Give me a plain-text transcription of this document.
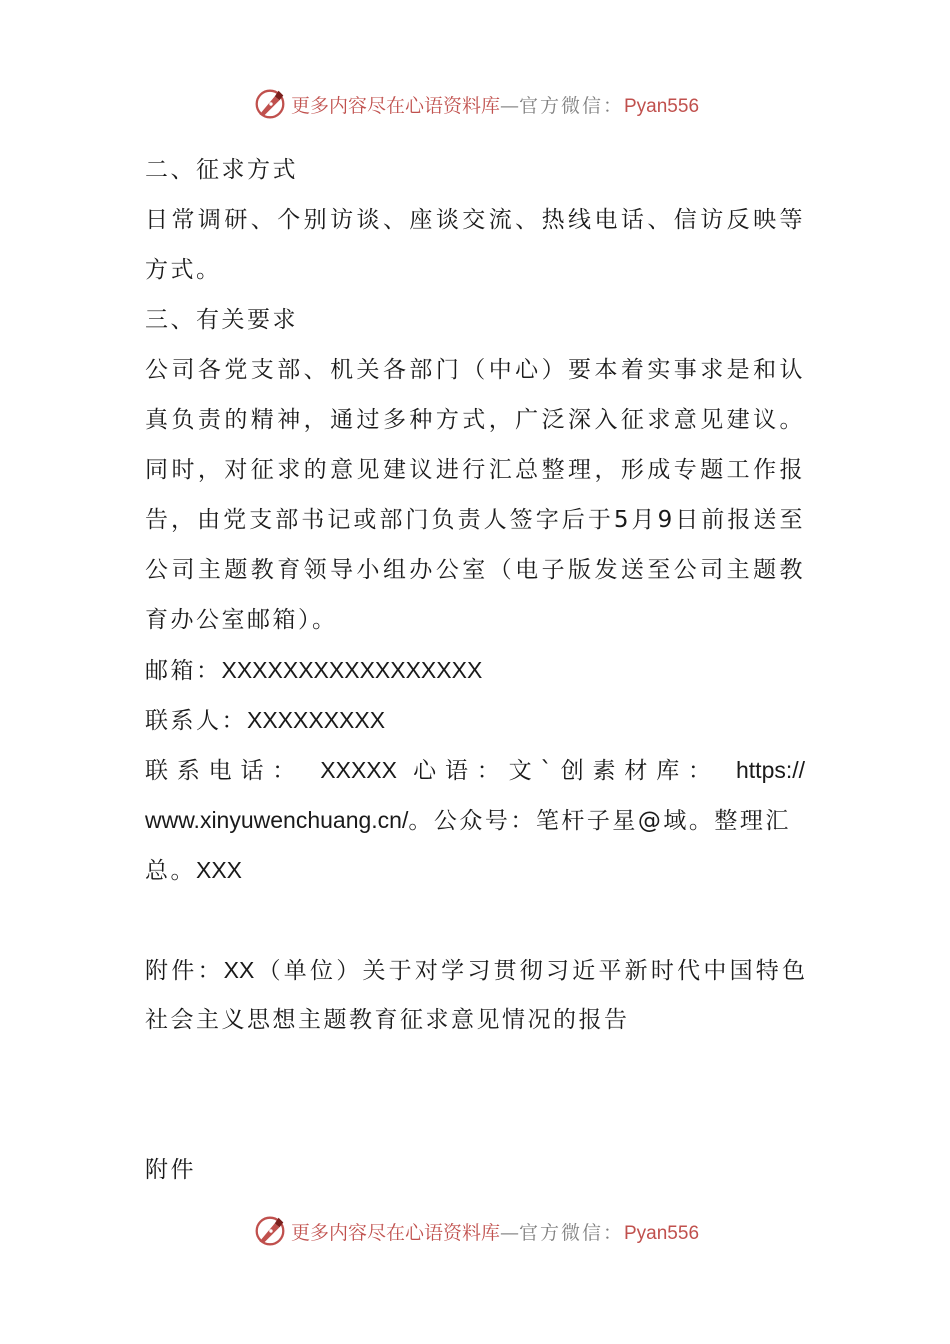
更多内容尽在心语资料库—官方微信：Pyan556
二、征求方式
日常调研、个别访谈、座谈交流、热线电话、信访反映等
方式。
三、有关要求
公司各党支部、机关各部门（中心）要本着实事求是和认
真负责的精神，通过多种方式，广泛深入征求意见建议。
同时，对征求的意见建议进行汇总整理，形成专题工作报
告，由党支部书记或部门负责人签字后于5月9日前报送至
公司主题教育领导小组办公室（电子版发送至公司主题教
育办公室邮箱）。
邮箱：XXXXXXXXXXXXXXXXX
联系人：XXXXXXXXX
联系电话： XXXXX 心语：文`创素材库： https://
www.xinyuwenchuang.cn/。公众号：笔杆子星@域。整理汇
总。XXX
附件：XX（单位）关于对学习贯彻习近平新时代中国特色
社会主义思想主题教育征求意见情况的报告
附件
更多内容尽在心语资料库—官方微信：Pyan556
